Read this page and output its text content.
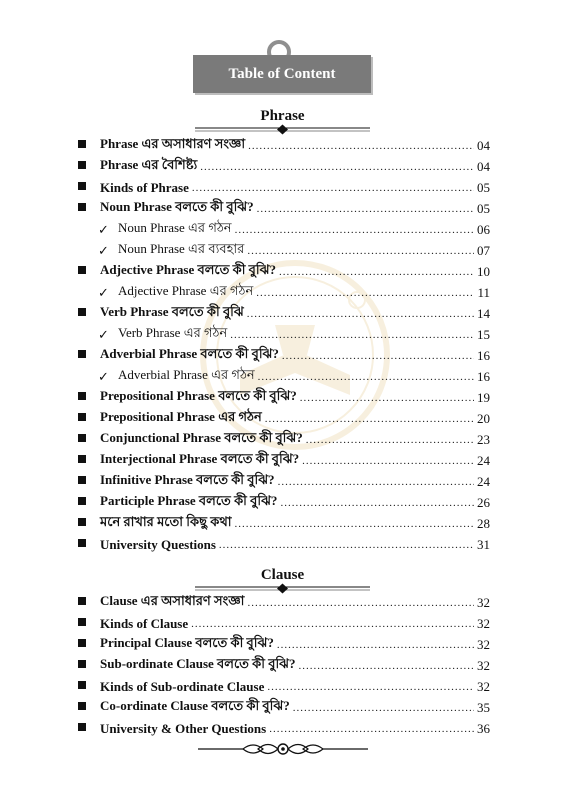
Table of Content
Phrase
Phrase এর অসাধারণ সংজ্ঞা .....	04
Phrase এর বৈশিষ্ট্য .....	04
Kinds of Phrase .....	05
Noun Phrase বলতে কী বুঝি? .....	05
✓ Noun Phrase এর গঠন .....	06
✓ Noun Phrase এর ব্যবহার .....	07
Adjective Phrase বলতে কী বুঝি? .....	10
✓ Adjective Phrase এর গঠন .....	11
Verb Phrase বলতে কী বুঝি .....	14
✓ Verb Phrase এর গঠন .....	15
Adverbial Phrase বলতে কী বুঝি? .....	16
✓ Adverbial Phrase এর গঠন .....	16
Prepositional Phrase বলতে কী বুঝি? .....	19
Prepositional Phrase এর গঠন .....	20
Conjunctional Phrase বলতে কী বুঝি? .....	23
Interjectional Phrase বলতে কী বুঝি? .....	24
Infinitive Phrase বলতে কী বুঝি? .....	24
Participle Phrase বলতে কী বুঝি? .....	26
মনে রাখার মতো কিছু কথা .....	28
University Questions .....	31
Clause
Clause এর অসাধারণ সংজ্ঞা .....	32
Kinds of Clause .....	32
Principal Clause বলতে কী বুঝি? .....	32
Sub-ordinate Clause বলতে কী বুঝি? .....	32
Kinds of Sub-ordinate Clause .....	32
Co-ordinate Clause বলতে কী বুঝি? .....	35
University & Other Questions .....	36
